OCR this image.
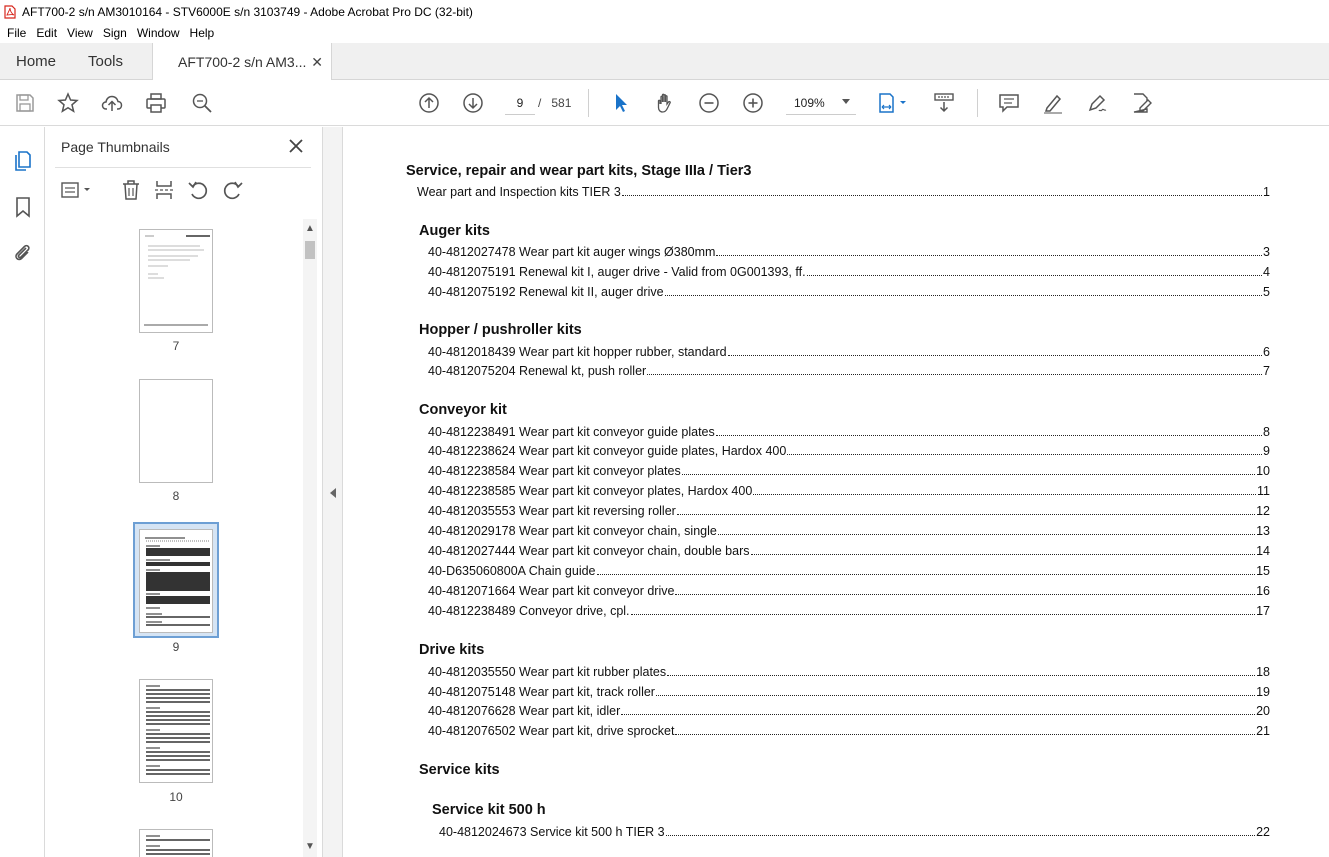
AFT700-2 s/n AM3010164 - STV6000E s/n 3103749 - Adobe Acrobat Pro DC (32-bit)
File Edit View Sign Window Help
Home Tools	AFT700-2 s/n AM3... ✕
9
/ 581	109%
Page Thumbnails
7
8
9
10
▲
▼
Service, repair and wear part kits, Stage IIIa / Tier3
Wear part and Inspection kits TIER 3	1
Auger kits
40-4812027478 Wear part kit auger wings Ø380mm	3
40-4812075191 Renewal kit I, auger drive - Valid from 0G001393, ff.	4
40-4812075192 Renewal kit II, auger drive	5
Hopper / pushroller kits
40-4812018439 Wear part kit hopper rubber, standard	6
40-4812075204 Renewal kt, push roller	7
Conveyor kit
40-4812238491 Wear part kit conveyor guide plates	8
40-4812238624 Wear part kit conveyor guide plates, Hardox 400	9
40-4812238584 Wear part kit conveyor plates	10
40-4812238585 Wear part kit conveyor plates, Hardox 400	11
40-4812035553 Wear part kit reversing roller	12
40-4812029178 Wear part kit conveyor chain, single	13
40-4812027444 Wear part kit conveyor chain, double bars	14
40-D635060800A Chain guide	15
40-4812071664 Wear part kit conveyor drive	16
40-4812238489 Conveyor drive, cpl.	17
Drive kits
40-4812035550 Wear part kit rubber plates	18
40-4812075148 Wear part kit, track roller	19
40-4812076628 Wear part kit, idler	20
40-4812076502 Wear part kit, drive sprocket	21
Service kits
Service kit 500 h
40-4812024673 Service kit 500 h TIER 3	22
